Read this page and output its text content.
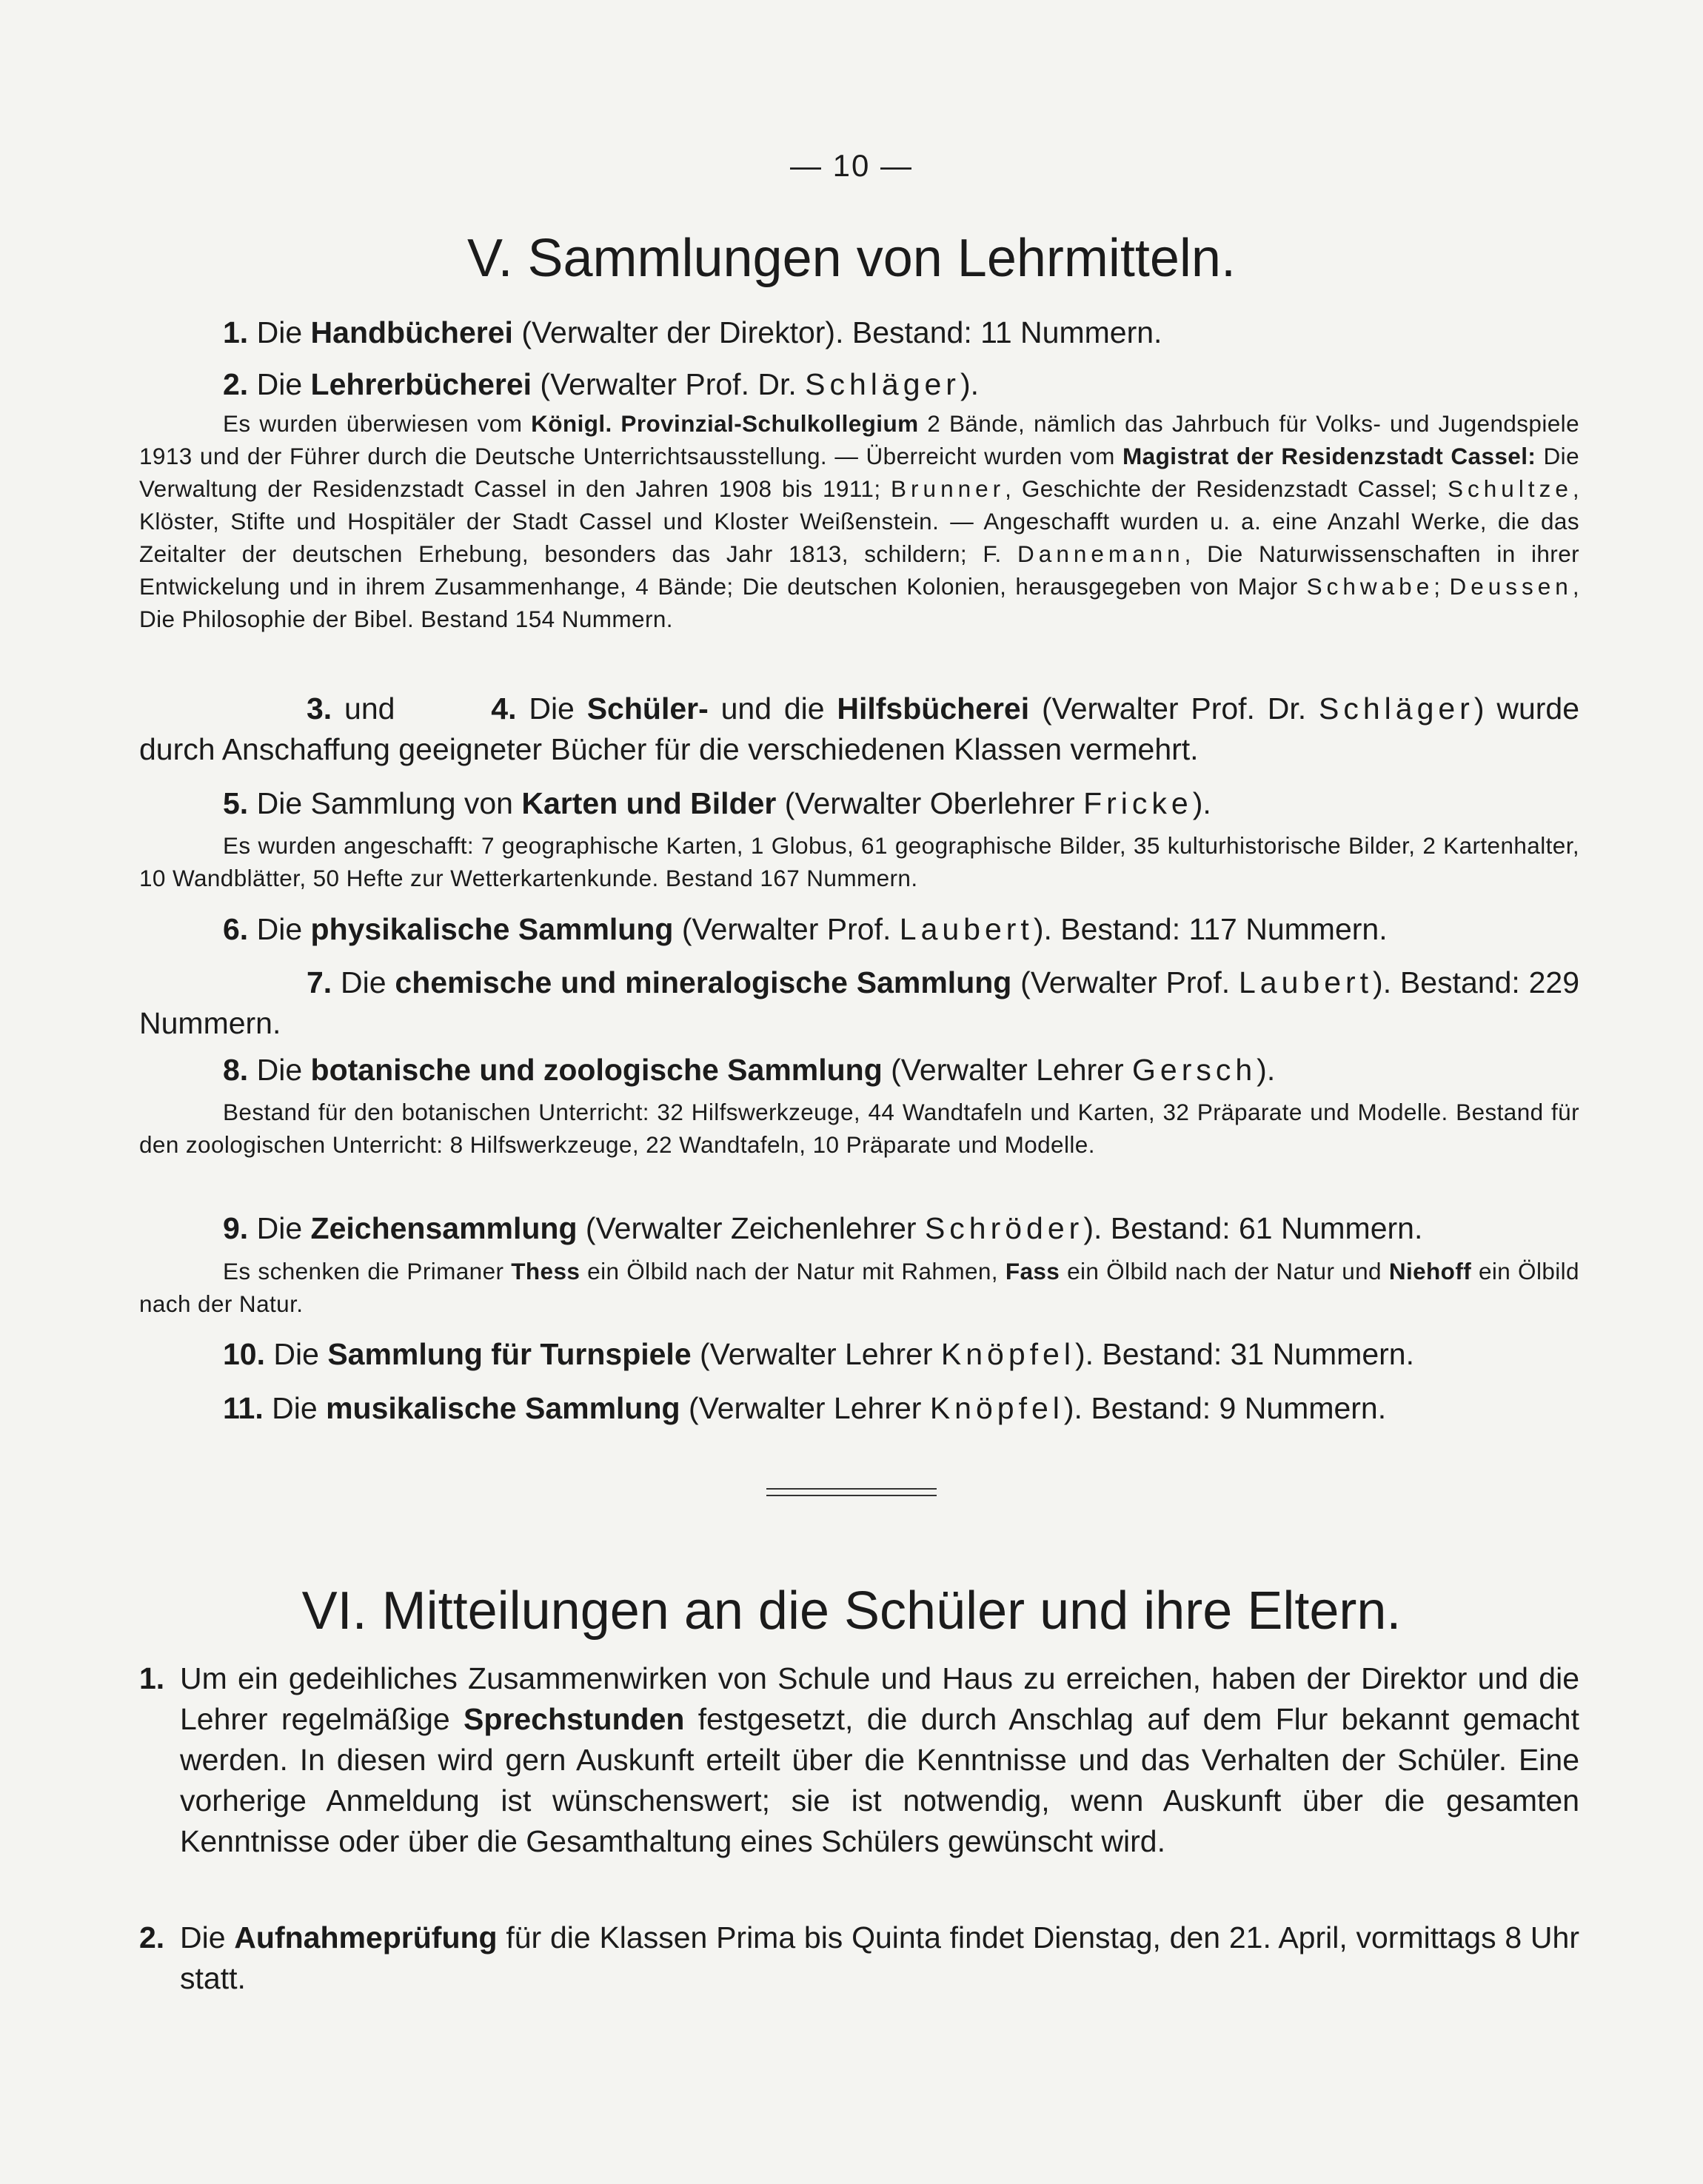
— 10 —
V. Sammlungen von Lehrmitteln.
1. Die Handbücherei (Verwalter der Direktor). Bestand: 11 Nummern.
2. Die Lehrerbücherei (Verwalter Prof. Dr. Schläger).
Es wurden überwiesen vom Königl. Provinzial-Schulkollegium 2 Bände, nämlich das Jahrbuch für Volks- und Jugendspiele 1913 und der Führer durch die Deutsche Unterrichtsausstellung. — Überreicht wurden vom Magistrat der Residenzstadt Cassel: Die Verwaltung der Residenzstadt Cassel in den Jahren 1908 bis 1911; Brunner, Geschichte der Residenzstadt Cassel; Schultze, Klöster, Stifte und Hospitäler der Stadt Cassel und Kloster Weißenstein. — Angeschafft wurden u. a. eine Anzahl Werke, die das Zeitalter der deutschen Erhebung, besonders das Jahr 1813, schildern; F. Dannemann, Die Naturwissenschaften in ihrer Entwickelung und in ihrem Zusammenhange, 4 Bände; Die deutschen Kolonien, herausgegeben von Major Schwabe; Deussen, Die Philosophie der Bibel. Bestand 154 Nummern.
3. und	4. Die Schüler- und die Hilfsbücherei (Verwalter Prof. Dr. Schläger) wurde durch Anschaffung geeigneter Bücher für die verschiedenen Klassen vermehrt.
5. Die Sammlung von Karten und Bilder (Verwalter Oberlehrer Fricke).
Es wurden angeschafft: 7 geographische Karten, 1 Globus, 61 geographische Bilder, 35 kulturhistorische Bilder, 2 Kartenhalter, 10 Wandblätter, 50 Hefte zur Wetterkartenkunde. Bestand 167 Nummern.
6. Die physikalische Sammlung (Verwalter Prof. Laubert). Bestand: 117 Nummern.
7. Die chemische und mineralogische Sammlung (Verwalter Prof. Laubert). Bestand: 229 Nummern.
8. Die botanische und zoologische Sammlung (Verwalter Lehrer Gersch).
Bestand für den botanischen Unterricht: 32 Hilfswerkzeuge, 44 Wandtafeln und Karten, 32 Präparate und Modelle. Bestand für den zoologischen Unterricht: 8 Hilfswerkzeuge, 22 Wandtafeln, 10 Präparate und Modelle.
9. Die Zeichensammlung (Verwalter Zeichenlehrer Schröder). Bestand: 61 Nummern.
Es schenken die Primaner Thess ein Ölbild nach der Natur mit Rahmen, Fass ein Ölbild nach der Natur und Niehoff ein Ölbild nach der Natur.
10. Die Sammlung für Turnspiele (Verwalter Lehrer Knöpfel). Bestand: 31 Nummern.
11. Die musikalische Sammlung (Verwalter Lehrer Knöpfel). Bestand: 9 Nummern.
VI. Mitteilungen an die Schüler und ihre Eltern.
1. Um ein gedeihliches Zusammenwirken von Schule und Haus zu erreichen, haben der Direktor und die Lehrer regelmäßige Sprechstunden festgesetzt, die durch Anschlag auf dem Flur bekannt gemacht werden. In diesen wird gern Auskunft erteilt über die Kenntnisse und das Verhalten der Schüler. Eine vorherige Anmeldung ist wünschenswert; sie ist notwendig, wenn Auskunft über die gesamten Kenntnisse oder über die Gesamthaltung eines Schülers gewünscht wird.
2. Die Aufnahmeprüfung für die Klassen Prima bis Quinta findet Dienstag, den 21. April, vormittags 8 Uhr statt.
